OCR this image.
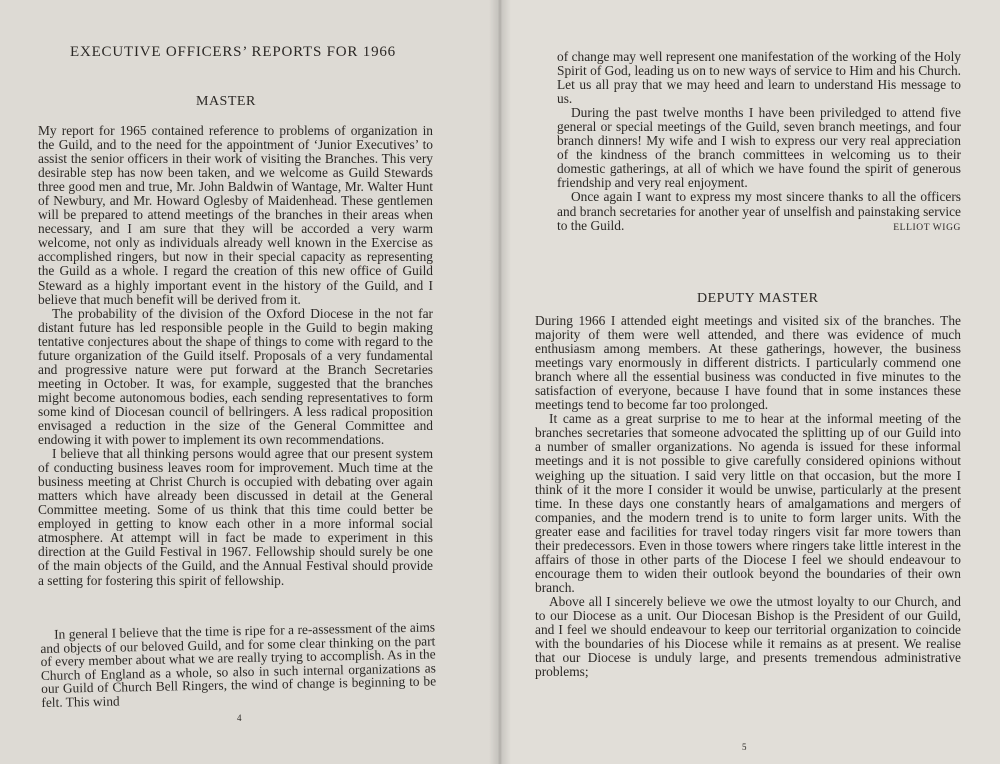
EXECUTIVE OFFICERS’ REPORTS FOR 1966
MASTER

My report for 1965 contained reference to problems of organization in the Guild, and to the need for the appointment of ‘Junior Executives’ to assist the senior officers in their work of visiting the Branches. This very desirable step has now been taken, and we welcome as Guild Stewards three good men and true, Mr. John Baldwin of Wantage, Mr. Walter Hunt of Newbury, and Mr. Howard Oglesby of Maidenhead. These gentlemen will be prepared to attend meetings of the branches in their areas when necessary, and I am sure that they will be accorded a very warm welcome, not only as individuals already well known in the Exercise as accomplished ringers, but now in their special capacity as representing the Guild as a whole. I regard the creation of this new office of Guild Steward as a highly important event in the history of the Guild, and I believe that much benefit will be derived from it.

The probability of the division of the Oxford Diocese in the not far distant future has led responsible people in the Guild to begin making tentative conjectures about the shape of things to come with regard to the future organization of the Guild itself. Proposals of a very fundamental and progressive nature were put forward at the Branch Secretaries meeting in October. It was, for example, suggested that the branches might become autonomous bodies, each sending representatives to form some kind of Diocesan council of bellringers. A less radical proposition envisaged a reduction in the size of the General Committee and endowing it with power to implement its own recommendations.

I believe that all thinking persons would agree that our present system of conducting business leaves room for improvement. Much time at the business meeting at Christ Church is occupied with debating over again matters which have already been discussed in detail at the General Committee meeting. Some of us think that this time could better be employed in getting to know each other in a more informal social atmosphere. At attempt will in fact be made to experiment in this direction at the Guild Festival in 1967. Fellowship should surely be one of the main objects of the Guild, and the Annual Festival should provide a setting for fostering this spirit of fellowship.

In general I believe that the time is ripe for a re-assessment of the aims and objects of our beloved Guild, and for some clear thinking on the part of every member about what we are really trying to accomplish. As in the Church of England as a whole, so also in such internal organizations as our Guild of Church Bell Ringers, the wind of change is beginning to be felt. This wind

4

of change may well represent one manifestation of the working of the Holy Spirit of God, leading us on to new ways of service to Him and his Church. Let us all pray that we may heed and learn to understand His message to us.

During the past twelve months I have been priviledged to attend five general or special meetings of the Guild, seven branch meetings, and four branch dinners! My wife and I wish to express our very real appreciation of the kindness of the branch committees in welcoming us to their domestic gatherings, at all of which we have found the spirit of generous friendship and very real enjoyment.

Once again I want to express my most sincere thanks to all the officers and branch secretaries for another year of unselfish and painstaking service to the Guild.	ELLIOT WIGG

DEPUTY MASTER

During 1966 I attended eight meetings and visited six of the branches. The majority of them were well attended, and there was evidence of much enthusiasm among members. At these gatherings, however, the business meetings vary enormously in different districts. I particularly commend one branch where all the essential business was conducted in five minutes to the satisfaction of everyone, because I have found that in some instances these meetings tend to become far too prolonged.

It came as a great surprise to me to hear at the informal meeting of the branches secretaries that someone advocated the splitting up of our Guild into a number of smaller organizations. No agenda is issued for these informal meetings and it is not possible to give carefully considered opinions without weighing up the situation. I said very little on that occasion, but the more I think of it the more I consider it would be unwise, particularly at the present time. In these days one constantly hears of amalgamations and mergers of companies, and the modern trend is to unite to form larger units. With the greater ease and facilities for travel today ringers visit far more towers than their predecessors. Even in those towers where ringers take little interest in the affairs of those in other parts of the Diocese I feel we should endeavour to encourage them to widen their outlook beyond the boundaries of their own branch.

Above all I sincerely believe we owe the utmost loyalty to our Church, and to our Diocese as a unit. Our Diocesan Bishop is the President of our Guild, and I feel we should endeavour to keep our territorial organization to coincide with the boundaries of his Diocese while it remains as at present. We realise that our Diocese is unduly large, and presents tremendous administrative problems;

5
